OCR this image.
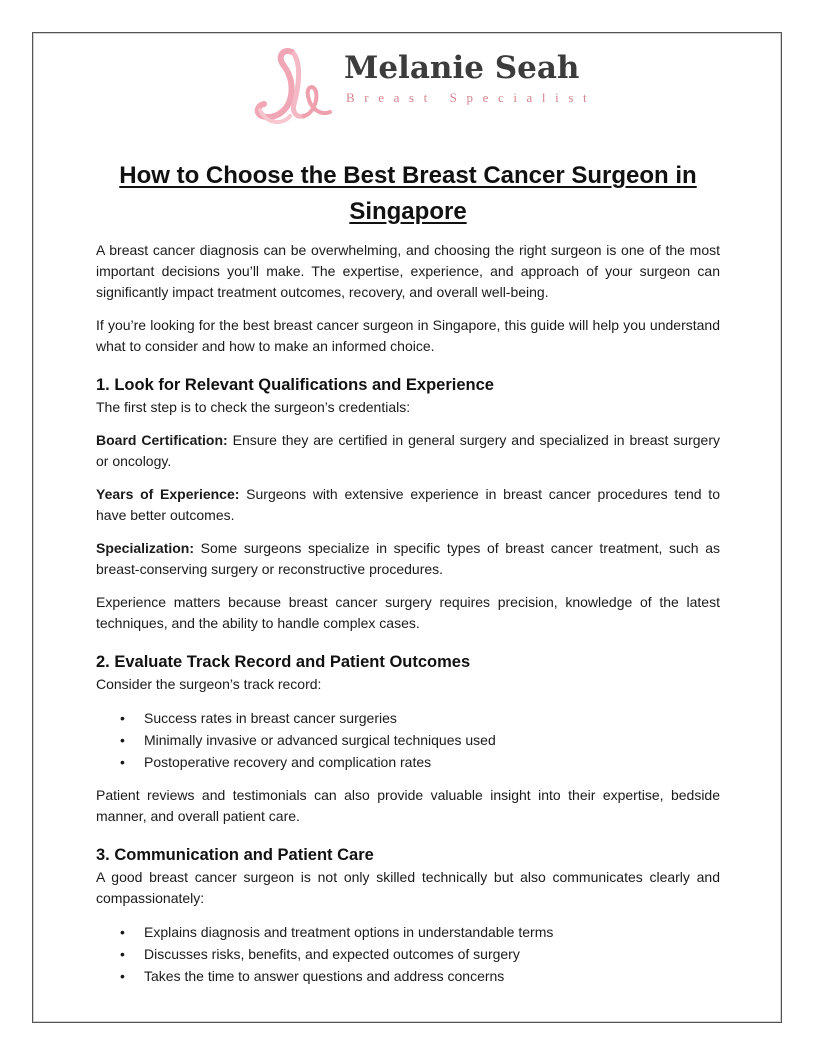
Melanie Seah
Breast Specialist
How to Choose the Best Breast Cancer Surgeon in Singapore

A breast cancer diagnosis can be overwhelming, and choosing the right surgeon is one of the most important decisions you’ll make. The expertise, experience, and approach of your surgeon can significantly impact treatment outcomes, recovery, and overall well-being.

If you’re looking for the best breast cancer surgeon in Singapore, this guide will help you understand what to consider and how to make an informed choice.

1. Look for Relevant Qualifications and Experience

The first step is to check the surgeon’s credentials:

Board Certification: Ensure they are certified in general surgery and specialized in breast surgery or oncology.

Years of Experience: Surgeons with extensive experience in breast cancer procedures tend to have better outcomes.

Specialization: Some surgeons specialize in specific types of breast cancer treatment, such as breast-conserving surgery or reconstructive procedures.

Experience matters because breast cancer surgery requires precision, knowledge of the latest techniques, and the ability to handle complex cases.

2. Evaluate Track Record and Patient Outcomes

Consider the surgeon’s track record:

• Success rates in breast cancer surgeries
• Minimally invasive or advanced surgical techniques used
• Postoperative recovery and complication rates

Patient reviews and testimonials can also provide valuable insight into their expertise, bedside manner, and overall patient care.

3. Communication and Patient Care

A good breast cancer surgeon is not only skilled technically but also communicates clearly and compassionately:

• Explains diagnosis and treatment options in understandable terms
• Discusses risks, benefits, and expected outcomes of surgery
• Takes the time to answer questions and address concerns
